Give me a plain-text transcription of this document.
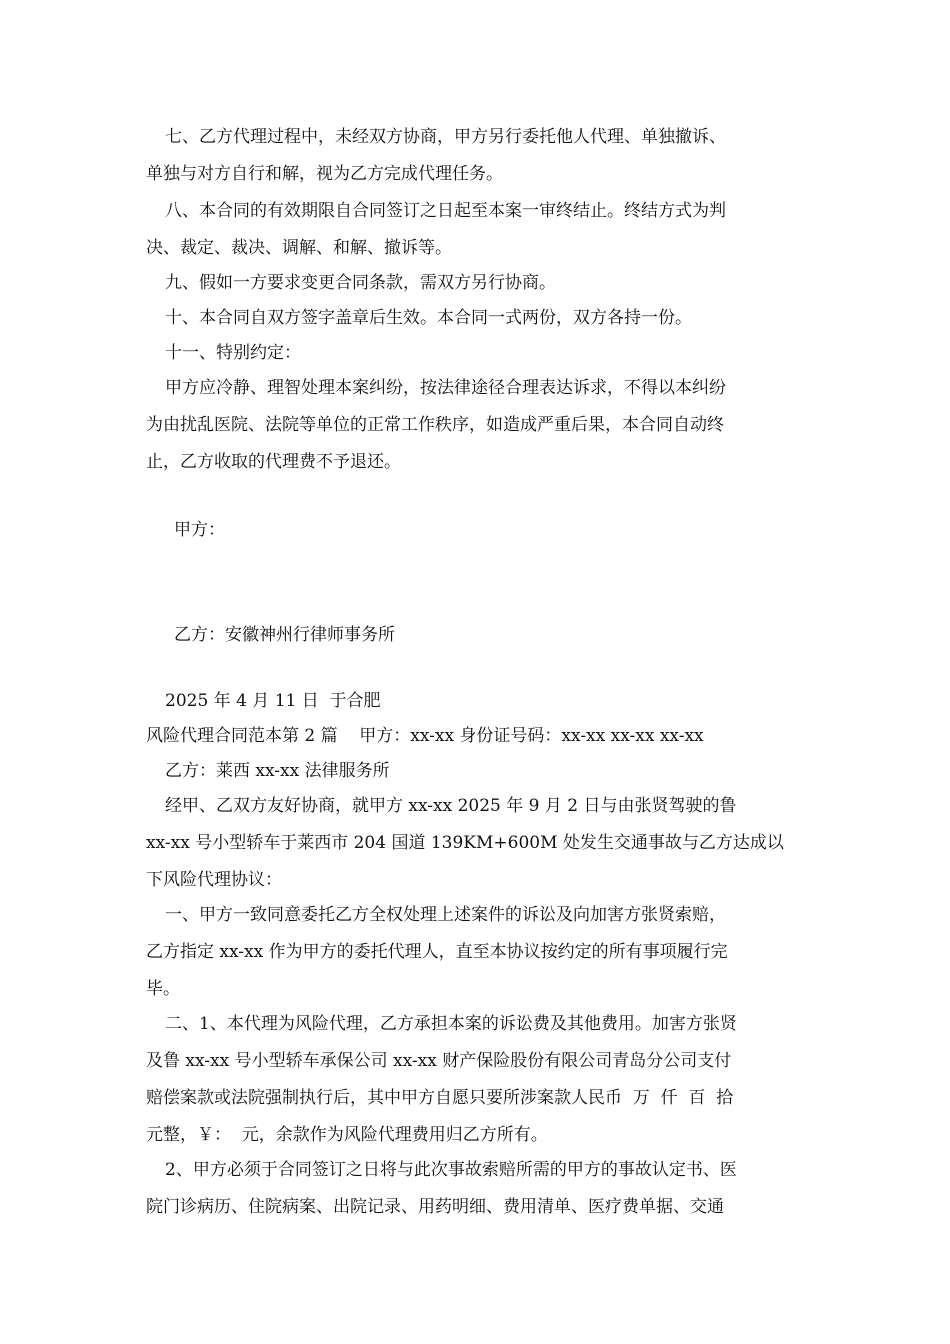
七、乙方代理过程中，未经双方协商，甲方另行委托他人代理、单独撤诉、
单独与对方自行和解，视为乙方完成代理任务。
八、本合同的有效期限自合同签订之日起至本案一审终结止。终结方式为判
决、裁定、裁决、调解、和解、撤诉等。
九、假如一方要求变更合同条款，需双方另行协商。
十、本合同自双方签字盖章后生效。本合同一式两份，双方各持一份。
十一、特别约定：
甲方应冷静、理智处理本案纠纷，按法律途径合理表达诉求，不得以本纠纷
为由扰乱医院、法院等单位的正常工作秩序，如造成严重后果，本合同自动终
止，乙方收取的代理费不予退还。
甲方：
乙方：安徽神州行律师事务所
2025 年 4 月 11 日  于合肥
风险代理合同范本第 2 篇    甲方：xx-xx 身份证号码：xx-xx xx-xx xx-xx
乙方：莱西 xx-xx 法律服务所
经甲、乙双方友好协商，就甲方 xx-xx 2025 年 9 月 2 日与由张贤驾驶的鲁
xx-xx 号小型轿车于莱西市 204 国道 139KM+600M 处发生交通事故与乙方达成以
下风险代理协议：
一、甲方一致同意委托乙方全权处理上述案件的诉讼及向加害方张贤索赔，
乙方指定 xx-xx 作为甲方的委托代理人，直至本协议按约定的所有事项履行完
毕。
二、1、本代理为风险代理，乙方承担本案的诉讼费及其他费用。加害方张贤
及鲁 xx-xx 号小型轿车承保公司 xx-xx 财产保险股份有限公司青岛分公司支付
赔偿案款或法院强制执行后，其中甲方自愿只要所涉案款人民币  万  仟  百  拾
元整，￥：  元，余款作为风险代理费用归乙方所有。
2、甲方必须于合同签订之日将与此次事故索赔所需的甲方的事故认定书、医
院门诊病历、住院病案、出院记录、用药明细、费用清单、医疗费单据、交通
